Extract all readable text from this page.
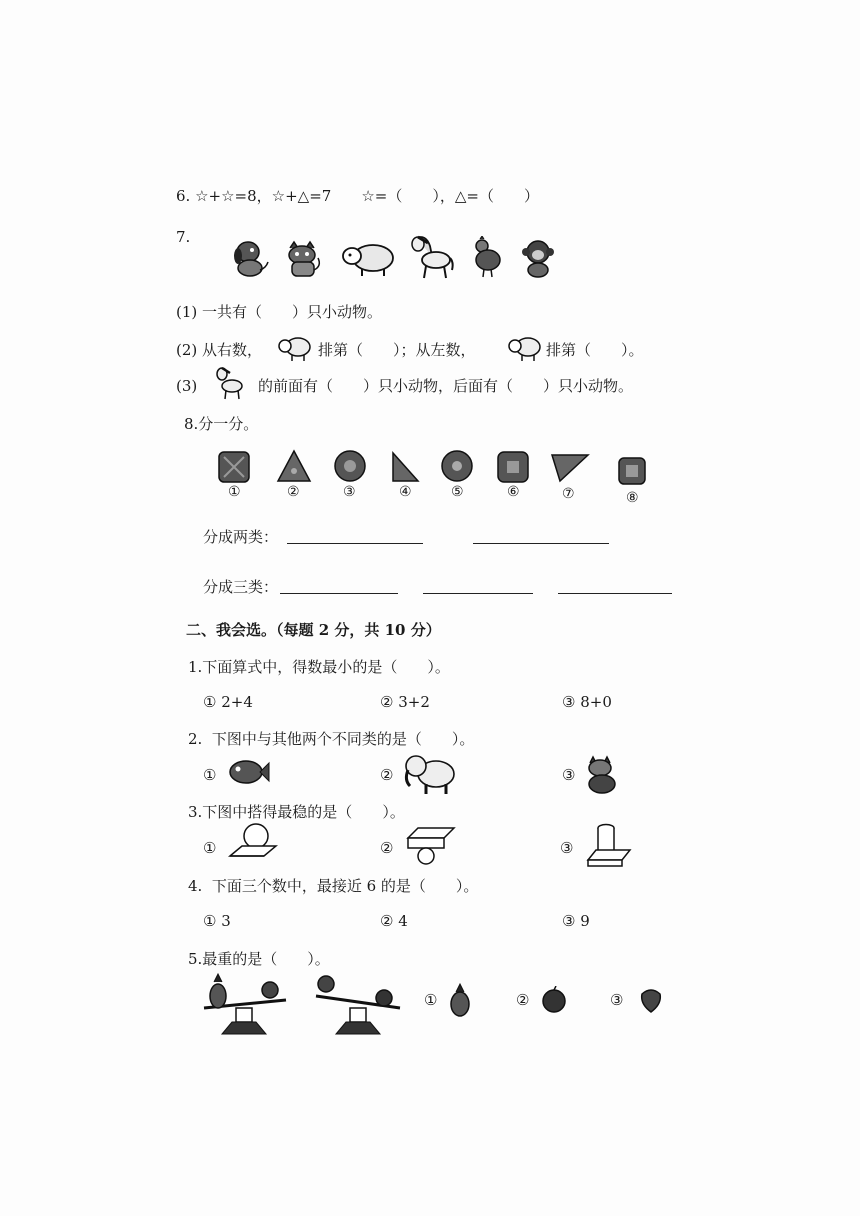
6. ☆+☆=8，☆+△=7　　☆=（　　），△=（　　）
7.
(1) 一共有（　　）只小动物。
(2) 从右数，	排第（　　）；从左数，	排第（　　）。
(3)	的前面有（　　）只小动物，后面有（　　）只小动物。
8.分一分。
①	②	③	④	⑤	⑥	⑦	⑧
分成两类：
分成三类：
二、我会选。（每题 2 分，共 10 分）
1.下面算式中，得数最小的是（　　）。
① 2+4	② 3+2	③ 8+0
2.  下图中与其他两个不同类的是（　　）。
①	②	③
3.下图中搭得最稳的是（　　）。
①	②	③
4.  下面三个数中，最接近 6 的是（　　）。
① 3	② 4	③ 9
5.最重的是（　　）。
①	②	③
